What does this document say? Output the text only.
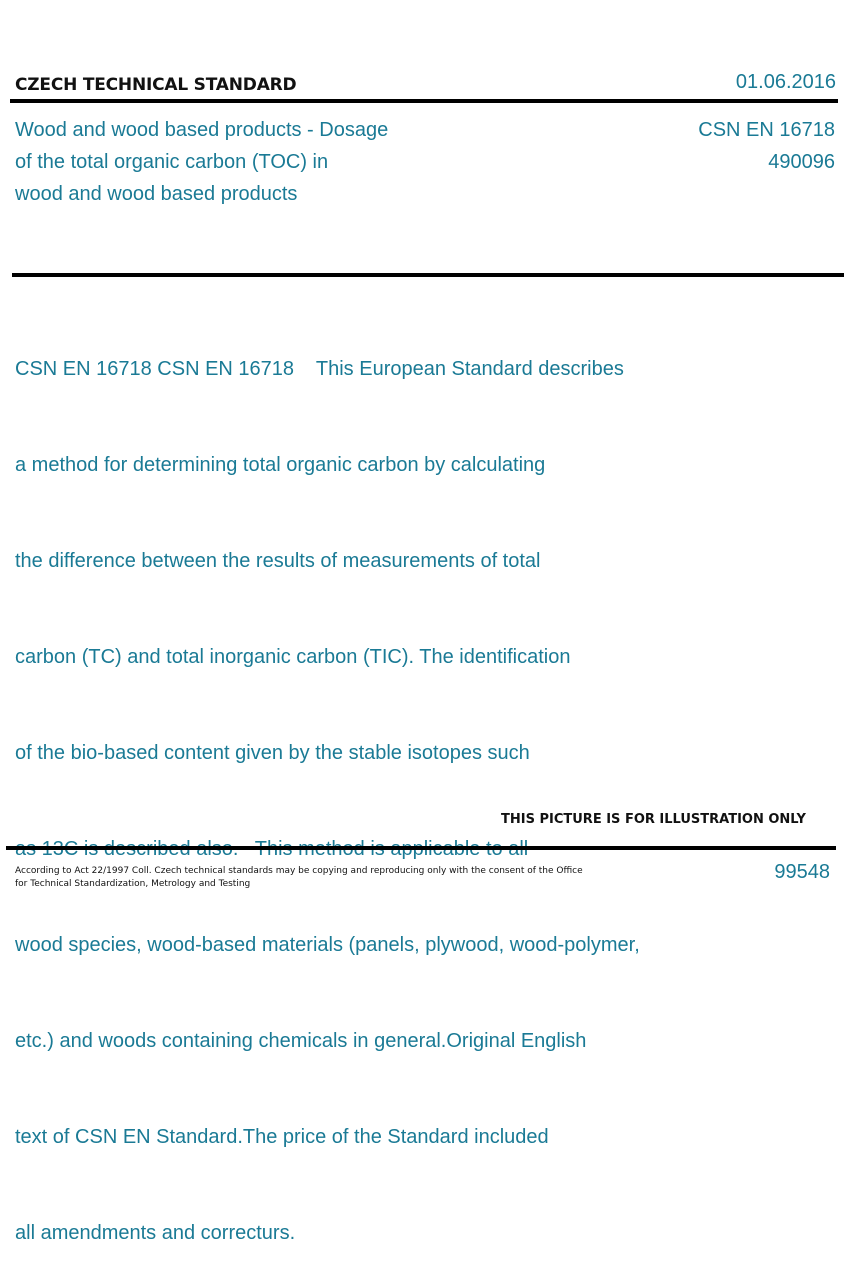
CZECH TECHNICAL STANDARD	01.06.2016
Wood and wood based products - Dosage
of the total organic carbon (TOC) in
wood and wood based products
CSN EN 16718
490096

CSN EN 16718 CSN EN 16718    This European Standard describes

a method for determining total organic carbon by calculating

the difference between the results of measurements of total

carbon (TC) and total inorganic carbon (TIC). The identification

of the bio-based content given by the stable isotopes such

wood species, wood-based materials (panels, plywood, wood-polymer,

etc.) and woods containing chemicals in general.Original English

text of CSN EN Standard.The price of the Standard included

all amendments and correcturs.

THIS PICTURE IS FOR ILLUSTRATION ONLY
According to Act 22/1997 Coll. Czech technical standards may be copying and reproducing only with the consent of the Office
for Technical Standardization, Metrology and Testing
99548
